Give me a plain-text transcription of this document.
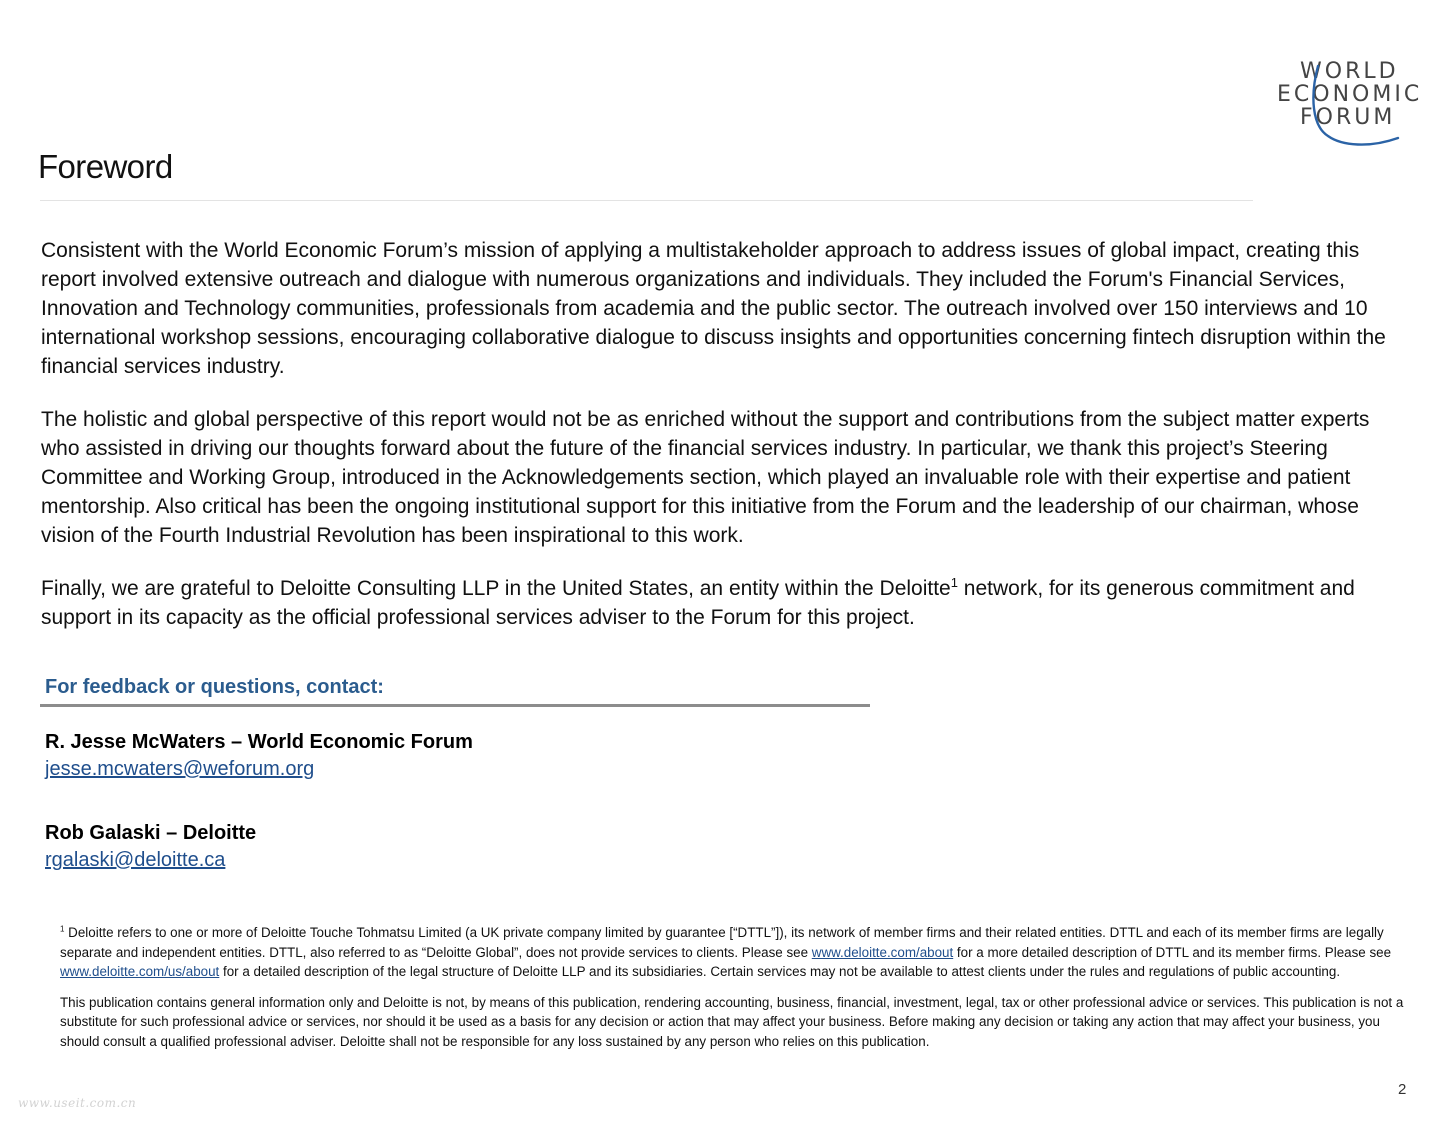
WORLD
ECONOMIC
FORUM
Foreword

Consistent with the World Economic Forum’s mission of applying a multistakeholder approach to address issues of global impact, creating this report involved extensive outreach and dialogue with numerous organizations and individuals. They included the Forum's Financial Services, Innovation and Technology communities, professionals from academia and the public sector. The outreach involved over 150 interviews and 10 international workshop sessions, encouraging collaborative dialogue to discuss insights and opportunities concerning fintech disruption within the financial services industry.

The holistic and global perspective of this report would not be as enriched without the support and contributions from the subject matter experts who assisted in driving our thoughts forward about the future of the financial services industry. In particular, we thank this project’s Steering Committee and Working Group, introduced in the Acknowledgements section, which played an invaluable role with their expertise and patient mentorship. Also critical has been the ongoing institutional support for this initiative from the Forum and the leadership of our chairman, whose vision of the Fourth Industrial Revolution has been inspirational to this work.

Finally, we are grateful to Deloitte Consulting LLP in the United States, an entity within the Deloitte$^1$ network, for its generous commitment and support in its capacity as the official professional services adviser to the Forum for this project.

For feedback or questions, contact:
R. Jesse McWaters – World Economic Forum
jesse.mcwaters@weforum.org
Rob Galaski – Deloitte
rgalaski@deloitte.ca

$^1$ Deloitte refers to one or more of Deloitte Touche Tohmatsu Limited (a UK private company limited by guarantee [“DTTL”]), its network of member firms and their related entities. DTTL and each of its member firms are legally separate and independent entities. DTTL, also referred to as “Deloitte Global”, does not provide services to clients. Please see www.deloitte.com/about for a more detailed description of DTTL and its member firms. Please see www.deloitte.com/us/about for a detailed description of the legal structure of Deloitte LLP and its subsidiaries. Certain services may not be available to attest clients under the rules and regulations of public accounting.

This publication contains general information only and Deloitte is not, by means of this publication, rendering accounting, business, financial, investment, legal, tax or other professional advice or services. This publication is not a substitute for such professional advice or services, nor should it be used as a basis for any decision or action that may affect your business. Before making any decision or taking any action that may affect your business, you should consult a qualified professional adviser. Deloitte shall not be responsible for any loss sustained by any person who relies on this publication.

2
www.useit.com.cn
